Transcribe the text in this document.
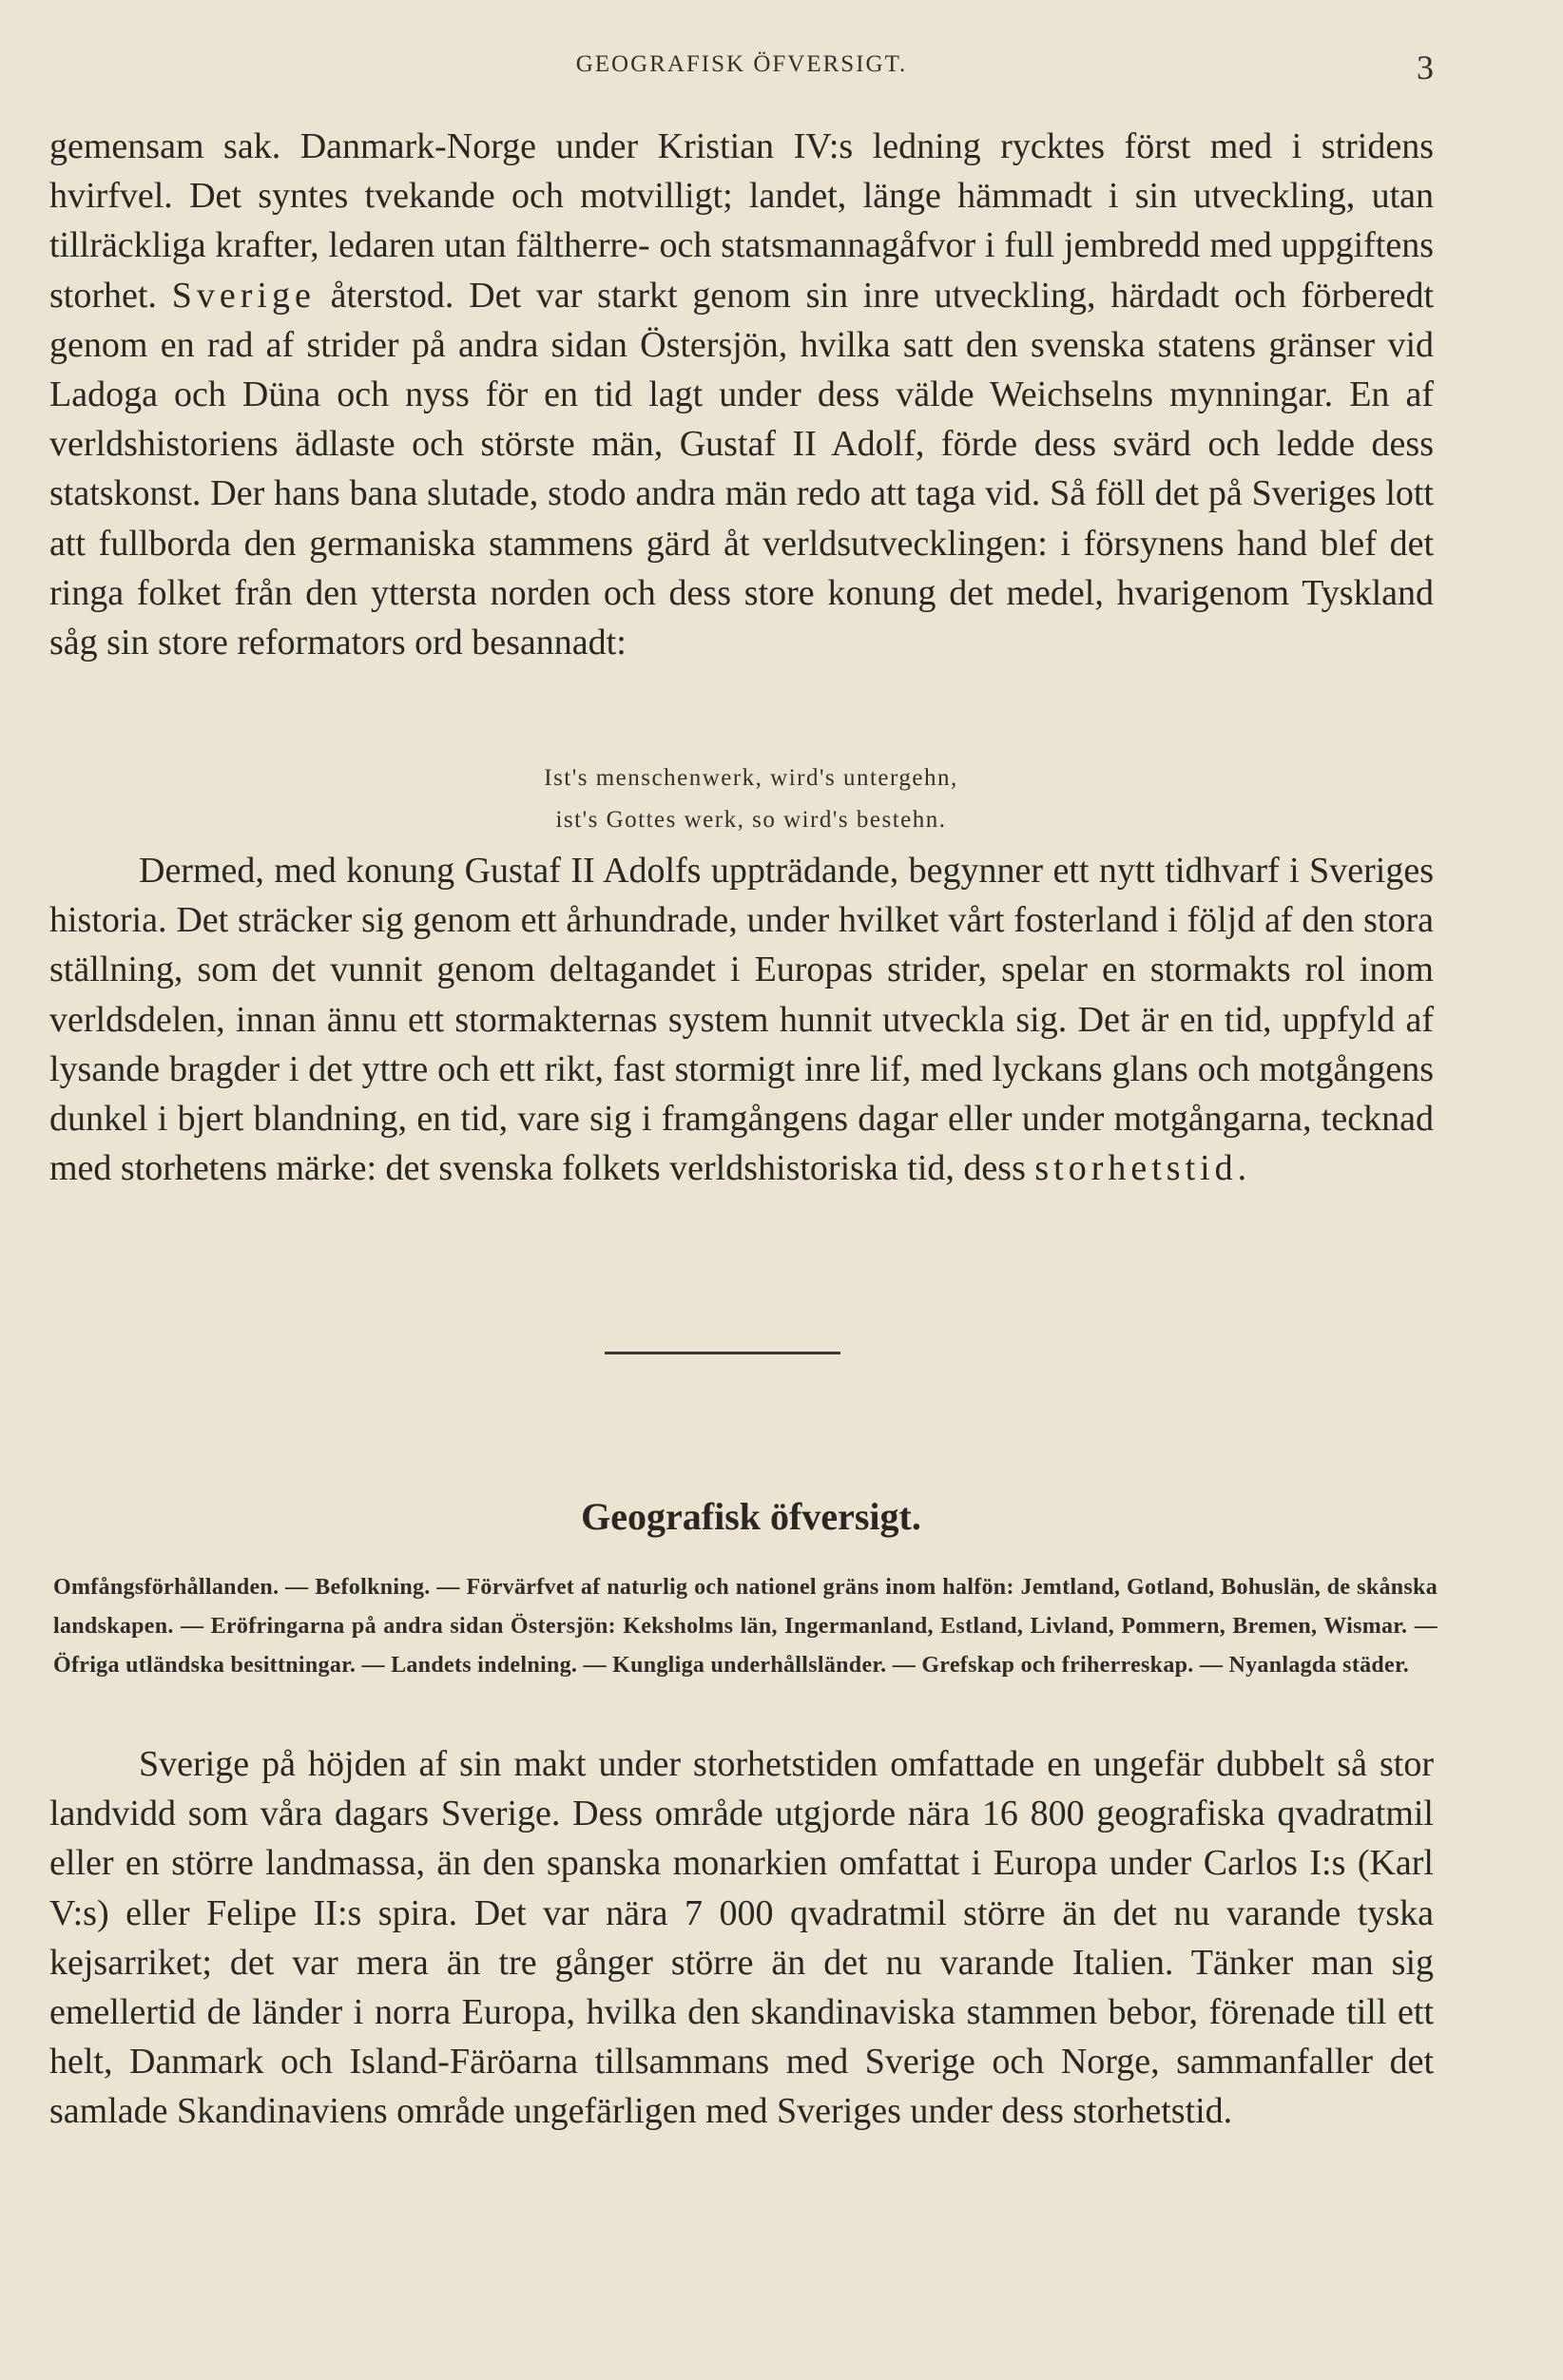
GEOGRAFISK ÖFVERSIGT.	3

gemensam sak. Danmark-Norge under Kristian IV:s ledning rycktes först med i stridens hvirfvel. Det syntes tvekande och motvilligt; landet, länge hämmadt i sin utveckling, utan tillräckliga krafter, ledaren utan fältherre- och statsmannagåfvor i full jembredd med uppgiftens storhet. Sverige återstod. Det var starkt genom sin inre utveckling, härdadt och förberedt genom en rad af strider på andra sidan Östersjön, hvilka satt den svenska statens gränser vid Ladoga och Düna och nyss för en tid lagt under dess välde Weichselns mynningar. En af verldshistoriens ädlaste och störste män, Gustaf II Adolf, förde dess svärd och ledde dess statskonst. Der hans bana slutade, stodo andra män redo att taga vid. Så föll det på Sveriges lott att fullborda den germaniska stammens gärd åt verldsutvecklingen: i försynens hand blef det ringa folket från den yttersta norden och dess store konung det medel, hvarigenom Tyskland såg sin store reformators ord besannadt:

Ist's menschenwerk, wird's untergehn,
ist's Gottes werk, so wird's bestehn.

Dermed, med konung Gustaf II Adolfs uppträdande, begynner ett nytt tidhvarf i Sveriges historia. Det sträcker sig genom ett århundrade, under hvilket vårt fosterland i följd af den stora ställning, som det vunnit genom deltagandet i Europas strider, spelar en stormakts rol inom verldsdelen, innan ännu ett stormakternas system hunnit utveckla sig. Det är en tid, uppfyld af lysande bragder i det yttre och ett rikt, fast stormigt inre lif, med lyckans glans och motgångens dunkel i bjert blandning, en tid, vare sig i framgångens dagar eller under motgångarna, tecknad med storhetens märke: det svenska folkets verldshistoriska tid, dess storhetstid.

Geografisk öfversigt.
Omfångsförhållanden. — Befolkning. — Förvärfvet af naturlig och nationel gräns inom halfön: Jemtland, Gotland, Bohuslän, de skånska landskapen. — Eröfringarna på andra sidan Östersjön: Keksholms län, Ingermanland, Estland, Livland, Pommern, Bremen, Wismar. — Öfriga utländska besittningar. — Landets indelning. — Kungliga underhållsländer. — Grefskap och friherreskap. — Nyanlagda städer.

Sverige på höjden af sin makt under storhetstiden omfattade en ungefär dubbelt så stor landvidd som våra dagars Sverige. Dess område utgjorde nära 16 800 geografiska qvadratmil eller en större landmassa, än den spanska monarkien omfattat i Europa under Carlos I:s (Karl V:s) eller Felipe II:s spira. Det var nära 7 000 qvadratmil större än det nu varande tyska kejsarriket; det var mera än tre gånger större än det nu varande Italien. Tänker man sig emellertid de länder i norra Europa, hvilka den skandinaviska stammen bebor, förenade till ett helt, Danmark och Island-Färöarna tillsammans med Sverige och Norge, sammanfaller det samlade Skandinaviens område ungefärligen med Sveriges under dess storhetstid.
